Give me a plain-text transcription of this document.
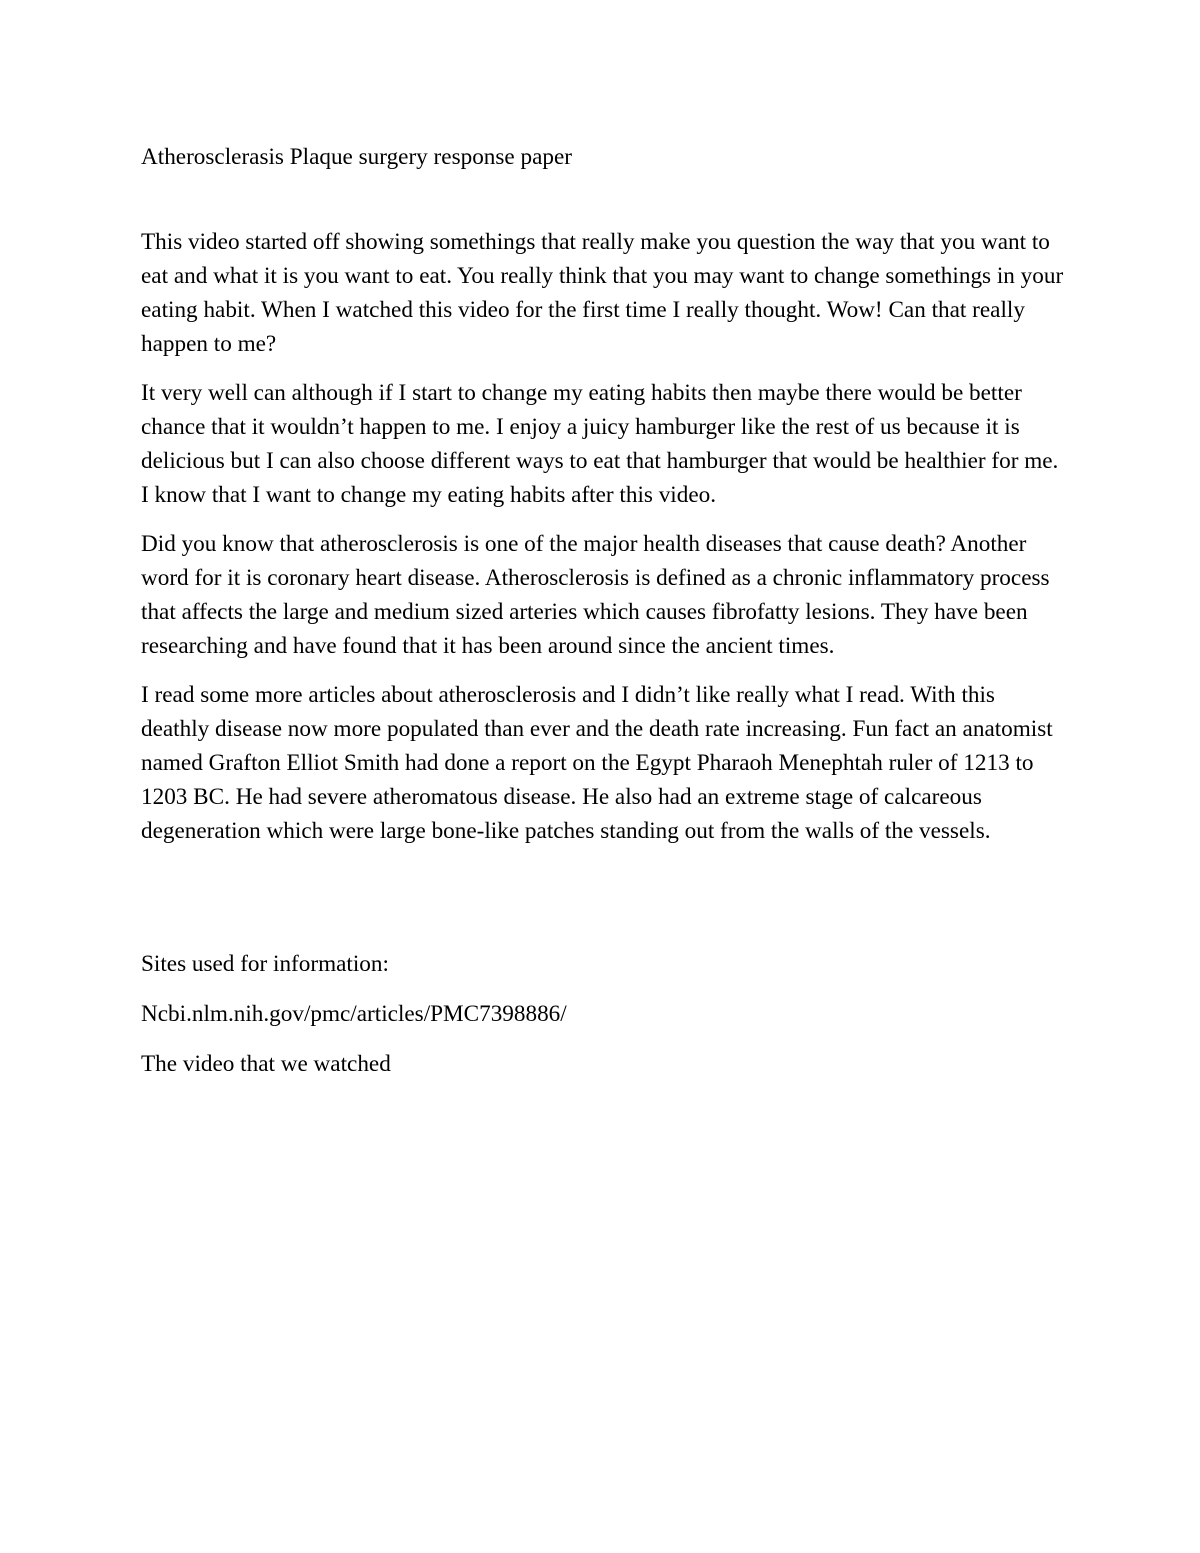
Atherosclerasis Plaque surgery response paper

This video started off showing somethings that really make you question the way that you want to eat and what it is you want to eat. You really think that you may want to change somethings in your eating habit. When I watched this video for the first time I really thought. Wow! Can that really happen to me?

It very well can although if I start to change my eating habits then maybe there would be better chance that it wouldn’t happen to me. I enjoy a juicy hamburger like the rest of us because it is delicious but I can also choose different ways to eat that hamburger that would be healthier for me. I know that I want to change my eating habits after this video.

Did you know that atherosclerosis is one of the major health diseases that cause death? Another word for it is coronary heart disease. Atherosclerosis is defined as a chronic inflammatory process that affects the large and medium sized arteries which causes fibrofatty lesions. They have been researching and have found that it has been around since the ancient times.

I read some more articles about atherosclerosis and I didn’t like really what I read. With this deathly disease now more populated than ever and the death rate increasing. Fun fact an anatomist named Grafton Elliot Smith had done a report on the Egypt Pharaoh Menephtah ruler of 1213 to 1203 BC. He had severe atheromatous disease. He also had an extreme stage of calcareous degeneration which were large bone-like patches standing out from the walls of the vessels.

Sites used for information:

Ncbi.nlm.nih.gov/pmc/articles/PMC7398886/

The video that we watched
